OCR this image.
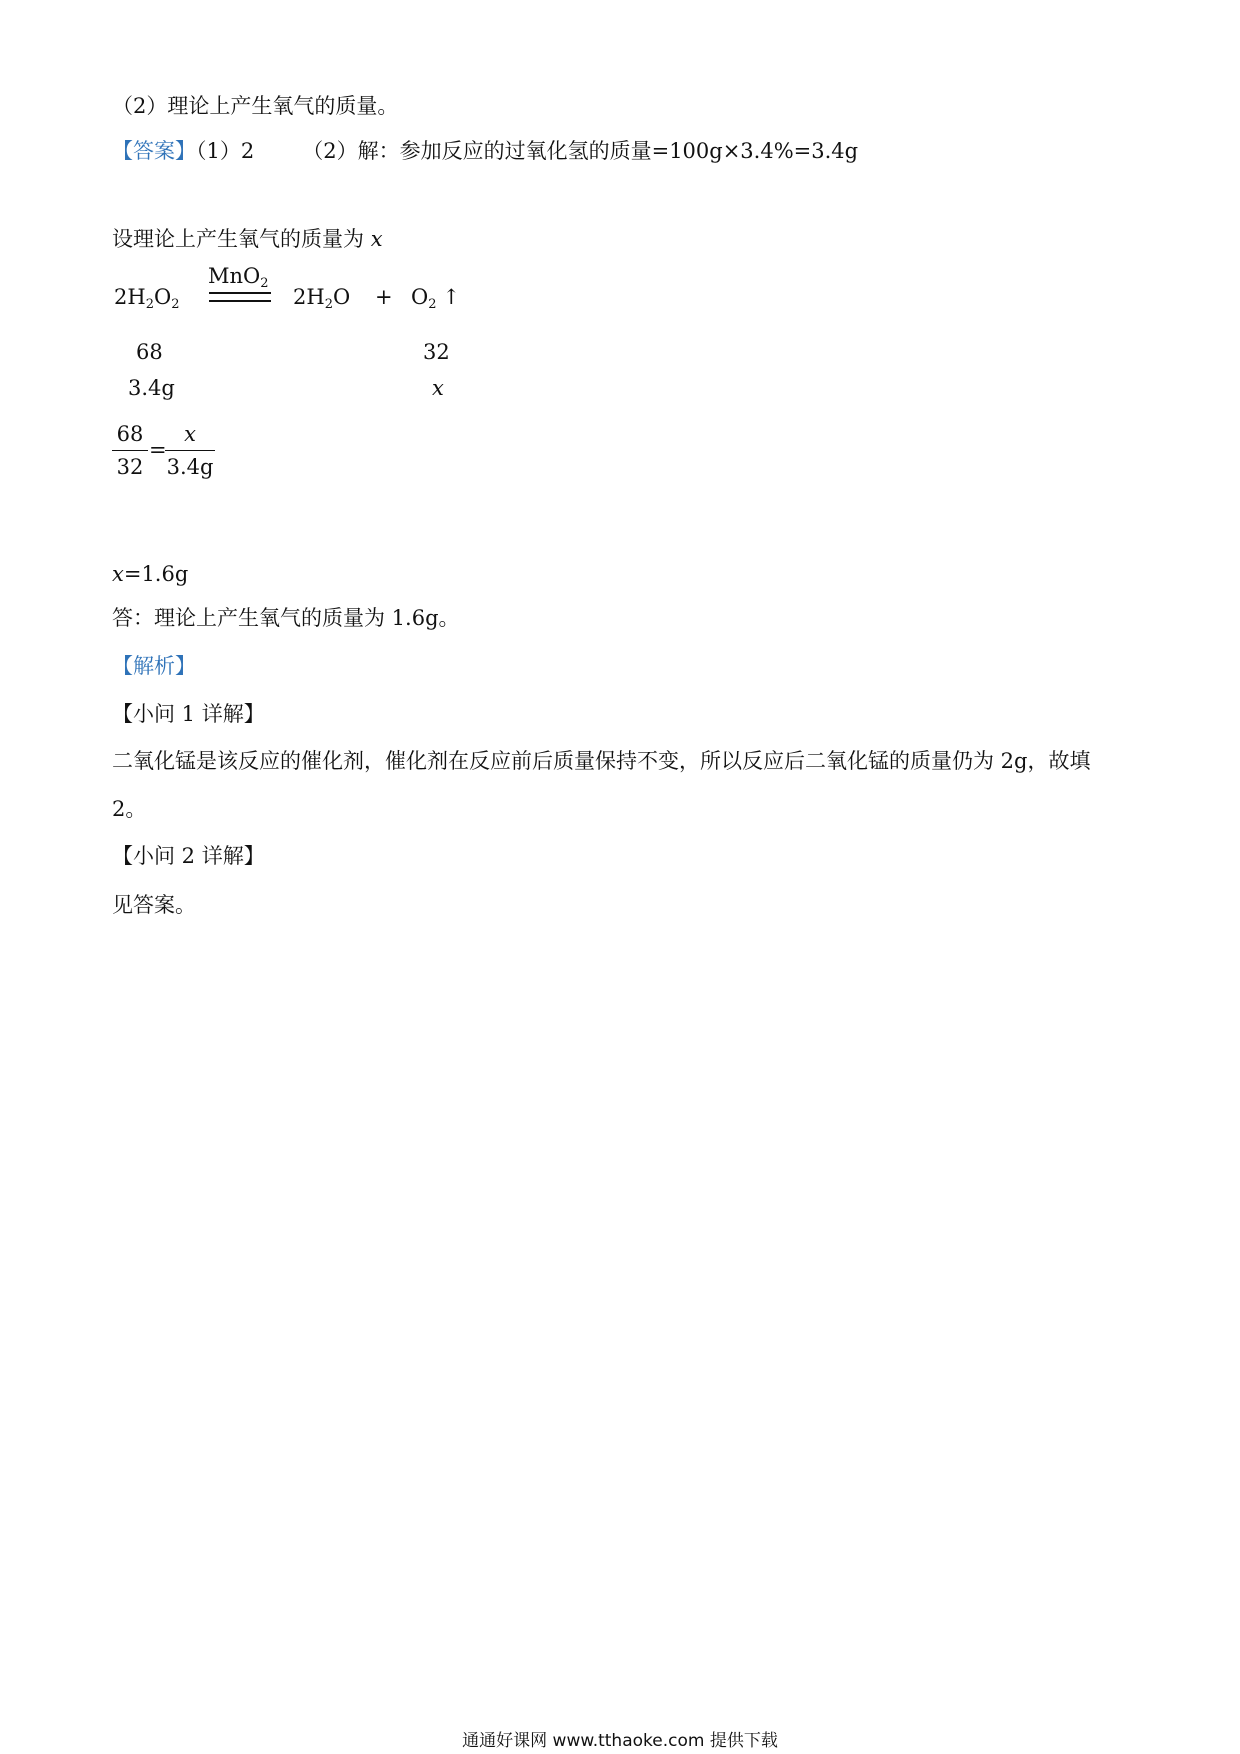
（2）理论上产生氧气的质量。
【答案】（1）2 （2）解：参加反应的过氧化氢的质量=100g×3.4%=3.4g
设理论上产生氧气的质量为 x
$2H_2O_2$
MnO$_2$
$2H_2O + O_2$ ↑
68	32
3.4g	x
$\frac{68}{32}$ =
$\frac{x}{3.4g}$
x=1.6g
答：理论上产生氧气的质量为 1.6g。
【解析】
【小问 1 详解】
二氧化锰是该反应的催化剂，催化剂在反应前后质量保持不变，所以反应后二氧化锰的质量仍为 2g，故填
2。
【小问 2 详解】
见答案。
通通好课网 www.tthaoke.com 提供下载
